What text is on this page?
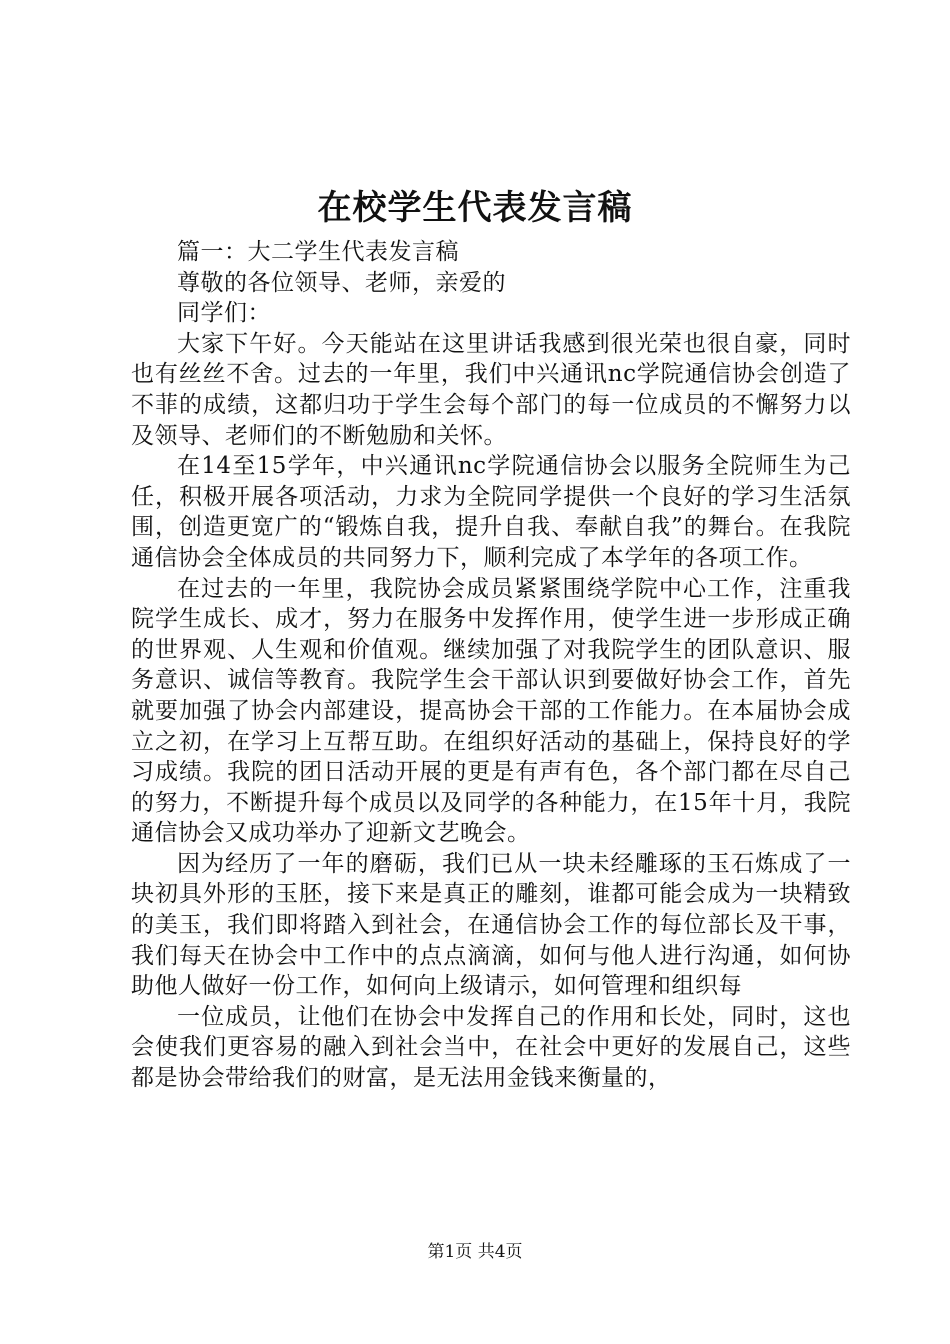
在校学生代表发言稿

篇一：大二学生代表发言稿

尊敬的各位领导、老师，亲爱的

同学们：

大家下午好。今天能站在这里讲话我感到很光荣也很自豪，同时也有丝丝不舍。过去的一年里，我们中兴通讯nc学院通信协会创造了不菲的成绩，这都归功于学生会每个部门的每一位成员的不懈努力以及领导、老师们的不断勉励和关怀。

在14至15学年，中兴通讯nc学院通信协会以服务全院师生为己任，积极开展各项活动，力求为全院同学提供一个良好的学习生活氛围，创造更宽广的“锻炼自我，提升自我、奉献自我”的舞台。在我院通信协会全体成员的共同努力下，顺利完成了本学年的各项工作。

在过去的一年里，我院协会成员紧紧围绕学院中心工作，注重我院学生成长、成才，努力在服务中发挥作用，使学生进一步形成正确的世界观、人生观和价值观。继续加强了对我院学生的团队意识、服务意识、诚信等教育。我院学生会干部认识到要做好协会工作，首先就要加强了协会内部建设，提高协会干部的工作能力。在本届协会成立之初，在学习上互帮互助。在组织好活动的基础上，保持良好的学习成绩。我院的团日活动开展的更是有声有色，各个部门都在尽自己的努力，不断提升每个成员以及同学的各种能力，在15年十月，我院通信协会又成功举办了迎新文艺晚会。

因为经历了一年的磨砺，我们已从一块未经雕琢的玉石炼成了一块初具外形的玉胚，接下来是真正的雕刻，谁都可能会成为一块精致的美玉，我们即将踏入到社会，在通信协会工作的每位部长及干事，我们每天在协会中工作中的点点滴滴，如何与他人进行沟通，如何协助他人做好一份工作，如何向上级请示，如何管理和组织每

一位成员，让他们在协会中发挥自己的作用和长处，同时，这也会使我们更容易的融入到社会当中，在社会中更好的发展自己，这些都是协会带给我们的财富，是无法用金钱来衡量的，

第1页 共4页
